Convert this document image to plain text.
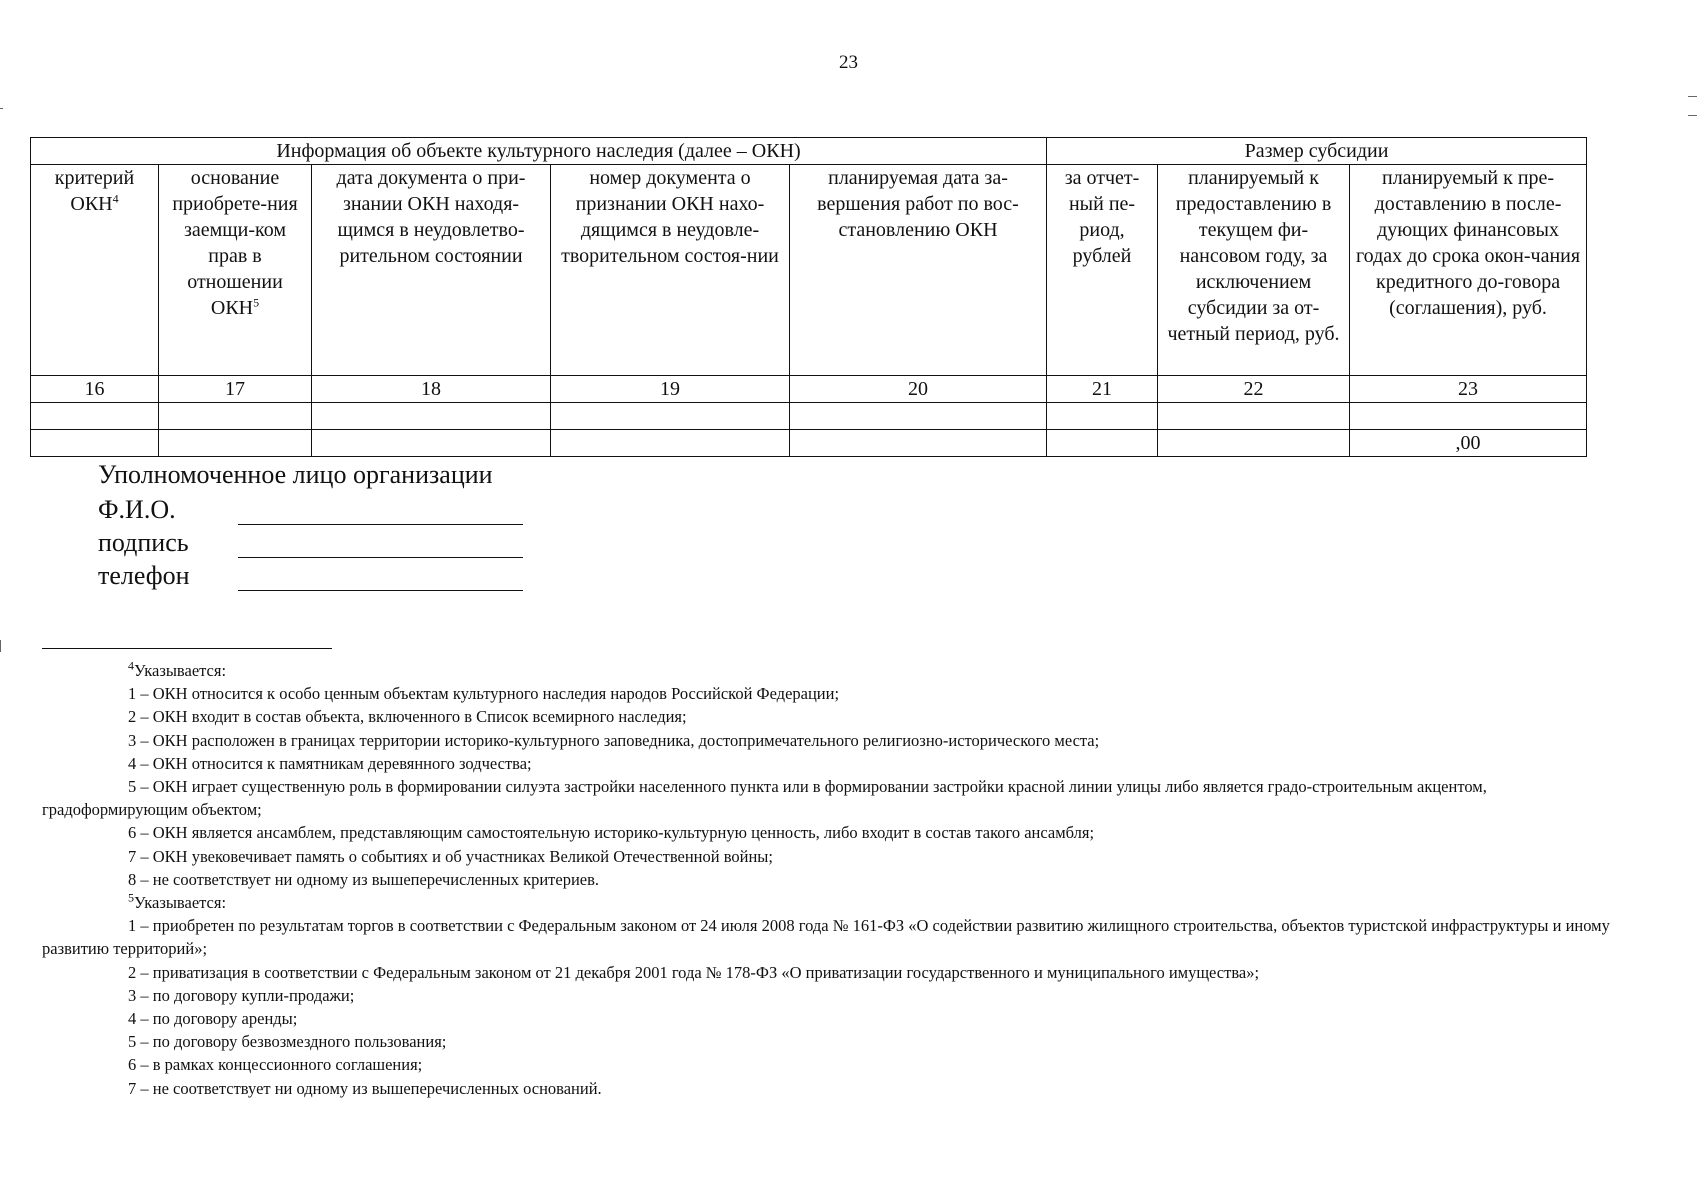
23
Информация об объекте культурного наследия (далее – ОКН)					Размер субсидии		
критерий ОКН$^4$	основание приобрете-ния заемщи-ком прав в отношении ОКН$^5$	дата документа о при-знании ОКН находя-щимся в неудовлетво-рительном состоянии	номер документа о признании ОКН нахо-дящимся в неудовле-творительном состоя-нии	планируемая дата за-вершения работ по вос-становлению ОКН	за отчет-ный пе-риод, рублей	планируемый к предоставлению в текущем фи-нансовом году, за исключением субсидии за от-четный период, руб.	планируемый к пре-доставлению в после-дующих финансовых годах до срока окон-чания кредитного до-говора (соглашения), руб.
16	17	18	19	20	21	22	23

							,00
Уполномоченное лицо организации
Ф.И.О.
подпись
телефон

$^4$Указывается:

1 – ОКН относится к особо ценным объектам культурного наследия народов Российской Федерации;

2 – ОКН входит в состав объекта, включенного в Список всемирного наследия;

3 – ОКН расположен в границах территории историко-культурного заповедника, достопримечательного религиозно-исторического места;

4 – ОКН относится к памятникам деревянного зодчества;

5 – ОКН играет существенную роль в формировании силуэта застройки населенного пункта или в формировании застройки красной линии улицы либо является градо-строительным акцентом, градоформирующим объектом;

6 – ОКН является ансамблем, представляющим самостоятельную историко-культурную ценность, либо входит в состав такого ансамбля;

7 – ОКН увековечивает память о событиях и об участниках Великой Отечественной войны;

8 – не соответствует ни одному из вышеперечисленных критериев.

$^5$Указывается:

1 – приобретен по результатам торгов в соответствии с Федеральным законом от 24 июля 2008 года № 161-ФЗ «О содействии развитию жилищного строительства, объектов туристской инфраструктуры и иному развитию территорий»;

2 – приватизация в соответствии с Федеральным законом от 21 декабря 2001 года № 178-ФЗ «О приватизации государственного и муниципального имущества»;

3 – по договору купли-продажи;

4 – по договору аренды;

5 – по договору безвозмездного пользования;

6 – в рамках концессионного соглашения;

7 – не соответствует ни одному из вышеперечисленных оснований.
